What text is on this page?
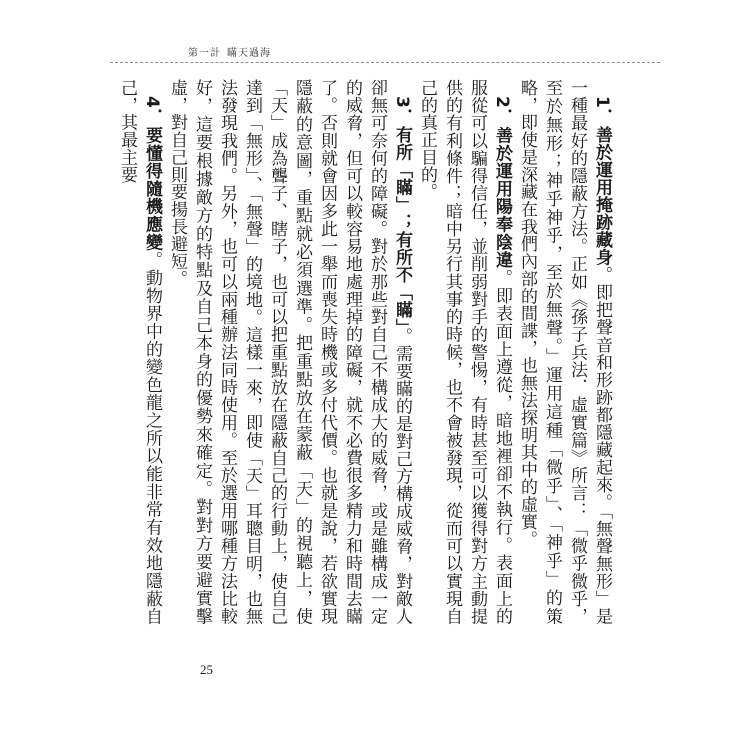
第一計 瞞天過海

1．善於運用掩跡藏身。即把聲音和形跡都隱藏起來。「無聲無形」是一種最好的隱蔽方法。正如《孫子兵法．虛實篇》所言：「微乎微乎，至於無形；神乎神乎，至於無聲。」運用這種「微乎」、「神乎」的策略，即使是深藏在我們內部的間諜，也無法探明其中的虛實。

2．善於運用陽奉陰違。即表面上遵從，暗地裡卻不執行。表面上的服從可以騙得信任，並削弱對手的警惕，有時甚至可以獲得對方主動提供的有利條件；暗中另行其事的時候，也不會被發現，從而可以實現自己的真正目的。

3．有所「瞞」；有所不「瞞」。需要瞞的是對己方構成威脅，對敵人卻無可奈何的障礙。對於那些對自己不構成大的威脅，或是雖構成一定的威脅，但可以較容易地處理掉的障礙，就不必費很多精力和時間去瞞了。否則就會因多此一舉而喪失時機或多付代價。也就是說，若欲實現隱蔽的意圖，重點就必須選準。把重點放在蒙蔽「天」的視聽上，使「天」成為聾子、瞎子，也可以把重點放在隱蔽自己的行動上，使自己達到「無形」、「無聲」的境地。這樣一來，即使「天」耳聰目明，也無法發現我們。另外，也可以兩種辦法同時使用。至於選用哪種方法比較好，這要根據敵方的特點及自己本身的優勢來確定。對對方要避實擊虛，對自己則要揚長避短。

4．要懂得隨機應變。動物界中的變色龍之所以能非常有效地隱蔽自己，其最主要

25
